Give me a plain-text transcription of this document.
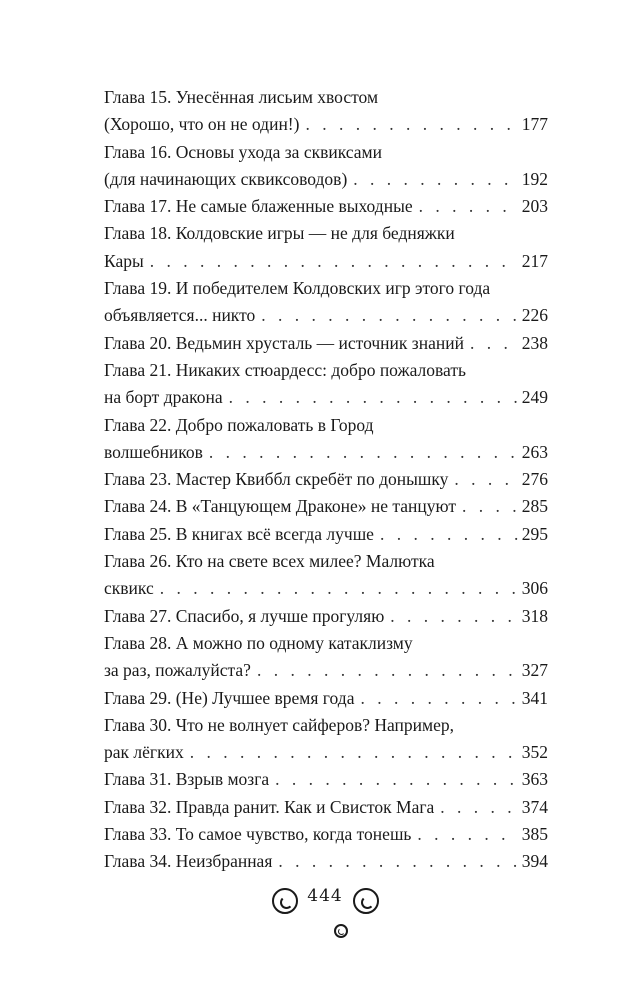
Глава 15. Унесённая лисьим хвостом
(Хорошо, что он не один!) . . .	177
Глава 16. Основы ухода за сквиксами
(для начинающих сквиксоводов) . . .	192
Глава 17. Не самые блаженные выходные . . .	203
Глава 18. Колдовские игры — не для бедняжки
Кары . . .	217
Глава 19. И победителем Колдовских игр этого года
объявляется... никто . . .	226
Глава 20. Ведьмин хрусталь — источник знаний . . .	238
Глава 21. Никаких стюардесс: добро пожаловать
на борт дракона . . .	249
Глава 22. Добро пожаловать в Город
волшебников . . .	263
Глава 23. Мастер Квиббл скребёт по донышку . . .	276
Глава 24. В «Танцующем Драконе» не танцуют . . .	285
Глава 25. В книгах всё всегда лучше . . .	295
Глава 26. Кто на свете всех милее? Малютка
сквикс . . .	306
Глава 27. Спасибо, я лучше прогуляю . . .	318
Глава 28. А можно по одному катаклизму
за раз, пожалуйста? . . .	327
Глава 29. (Не) Лучшее время года . . .	341
Глава 30. Что не волнует сайферов? Например,
рак лёгких . . .	352
Глава 31. Взрыв мозга . . .	363
Глава 32. Правда ранит. Как и Свисток Мага . . .	374
Глава 33. То самое чувство, когда тонешь . . .	385
Глава 34. Неизбранная . . .	394
444
